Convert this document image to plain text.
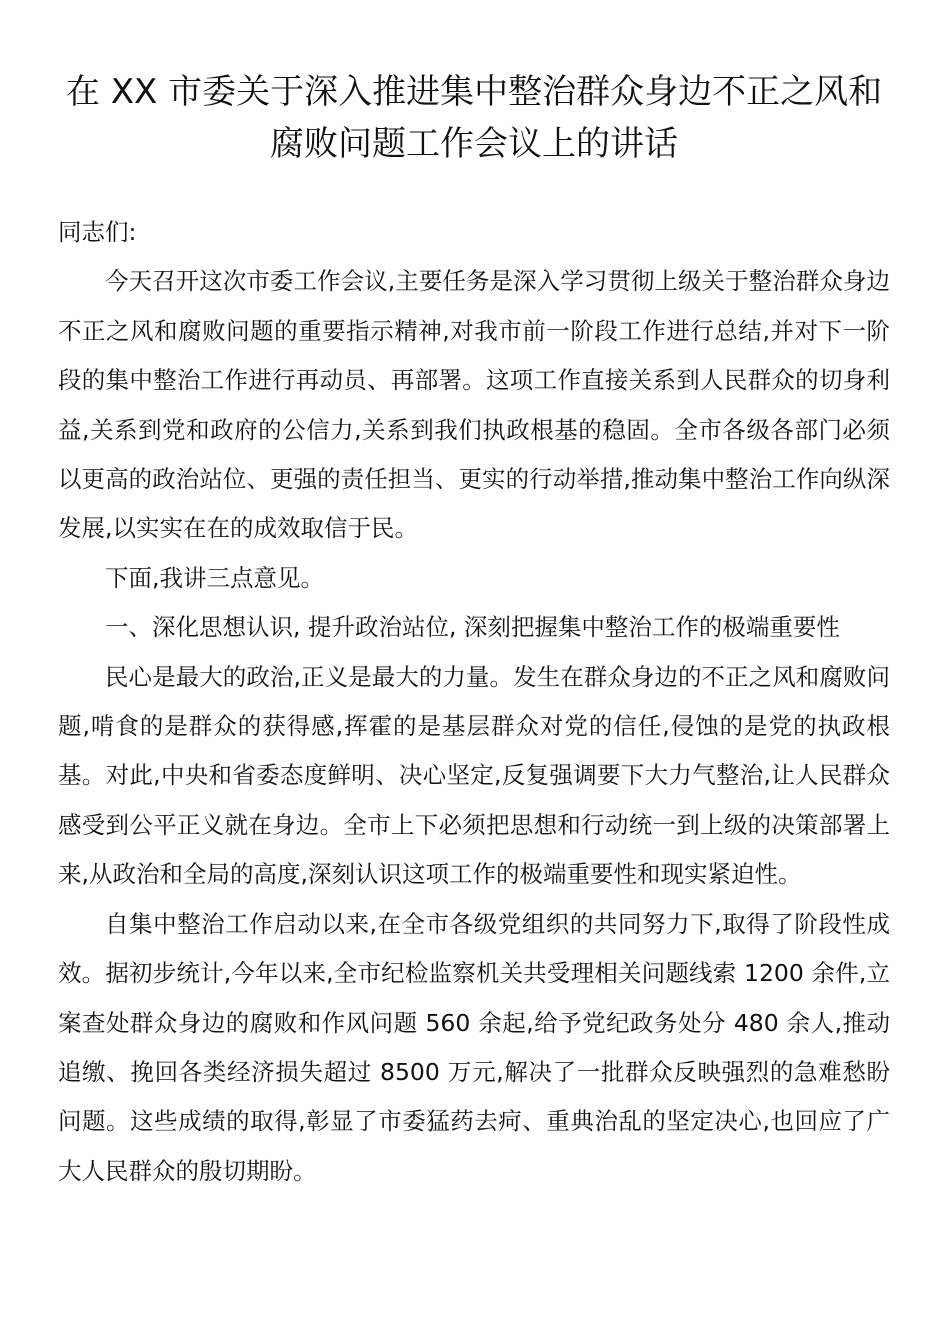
在 XX 市委关于深入推进集中整治群众身边不正之风和
腐败问题工作会议上的讲话

同志们:

今天召开这次市委工作会议,主要任务是深入学习贯彻上级关于整治群众身边不正之风和腐败问题的重要指示精神,对我市前一阶段工作进行总结,并对下一阶段的集中整治工作进行再动员、再部署。这项工作直接关系到人民群众的切身利益,关系到党和政府的公信力,关系到我们执政根基的稳固。全市各级各部门必须以更高的政治站位、更强的责任担当、更实的行动举措,推动集中整治工作向纵深发展,以实实在在的成效取信于民。

下面,我讲三点意见。

一、深化思想认识, 提升政治站位, 深刻把握集中整治工作的极端重要性

民心是最大的政治,正义是最大的力量。发生在群众身边的不正之风和腐败问题,啃食的是群众的获得感,挥霍的是基层群众对党的信任,侵蚀的是党的执政根基。对此,中央和省委态度鲜明、决心坚定,反复强调要下大力气整治,让人民群众感受到公平正义就在身边。全市上下必须把思想和行动统一到上级的决策部署上来,从政治和全局的高度,深刻认识这项工作的极端重要性和现实紧迫性。

自集中整治工作启动以来,在全市各级党组织的共同努力下,取得了阶段性成效。据初步统计,今年以来,全市纪检监察机关共受理相关问题线索 1200 余件,立案查处群众身边的腐败和作风问题 560 余起,给予党纪政务处分 480 余人,推动追缴、挽回各类经济损失超过 8500 万元,解决了一批群众反映强烈的急难愁盼问题。这些成绩的取得,彰显了市委猛药去疴、重典治乱的坚定决心,也回应了广大人民群众的殷切期盼。
